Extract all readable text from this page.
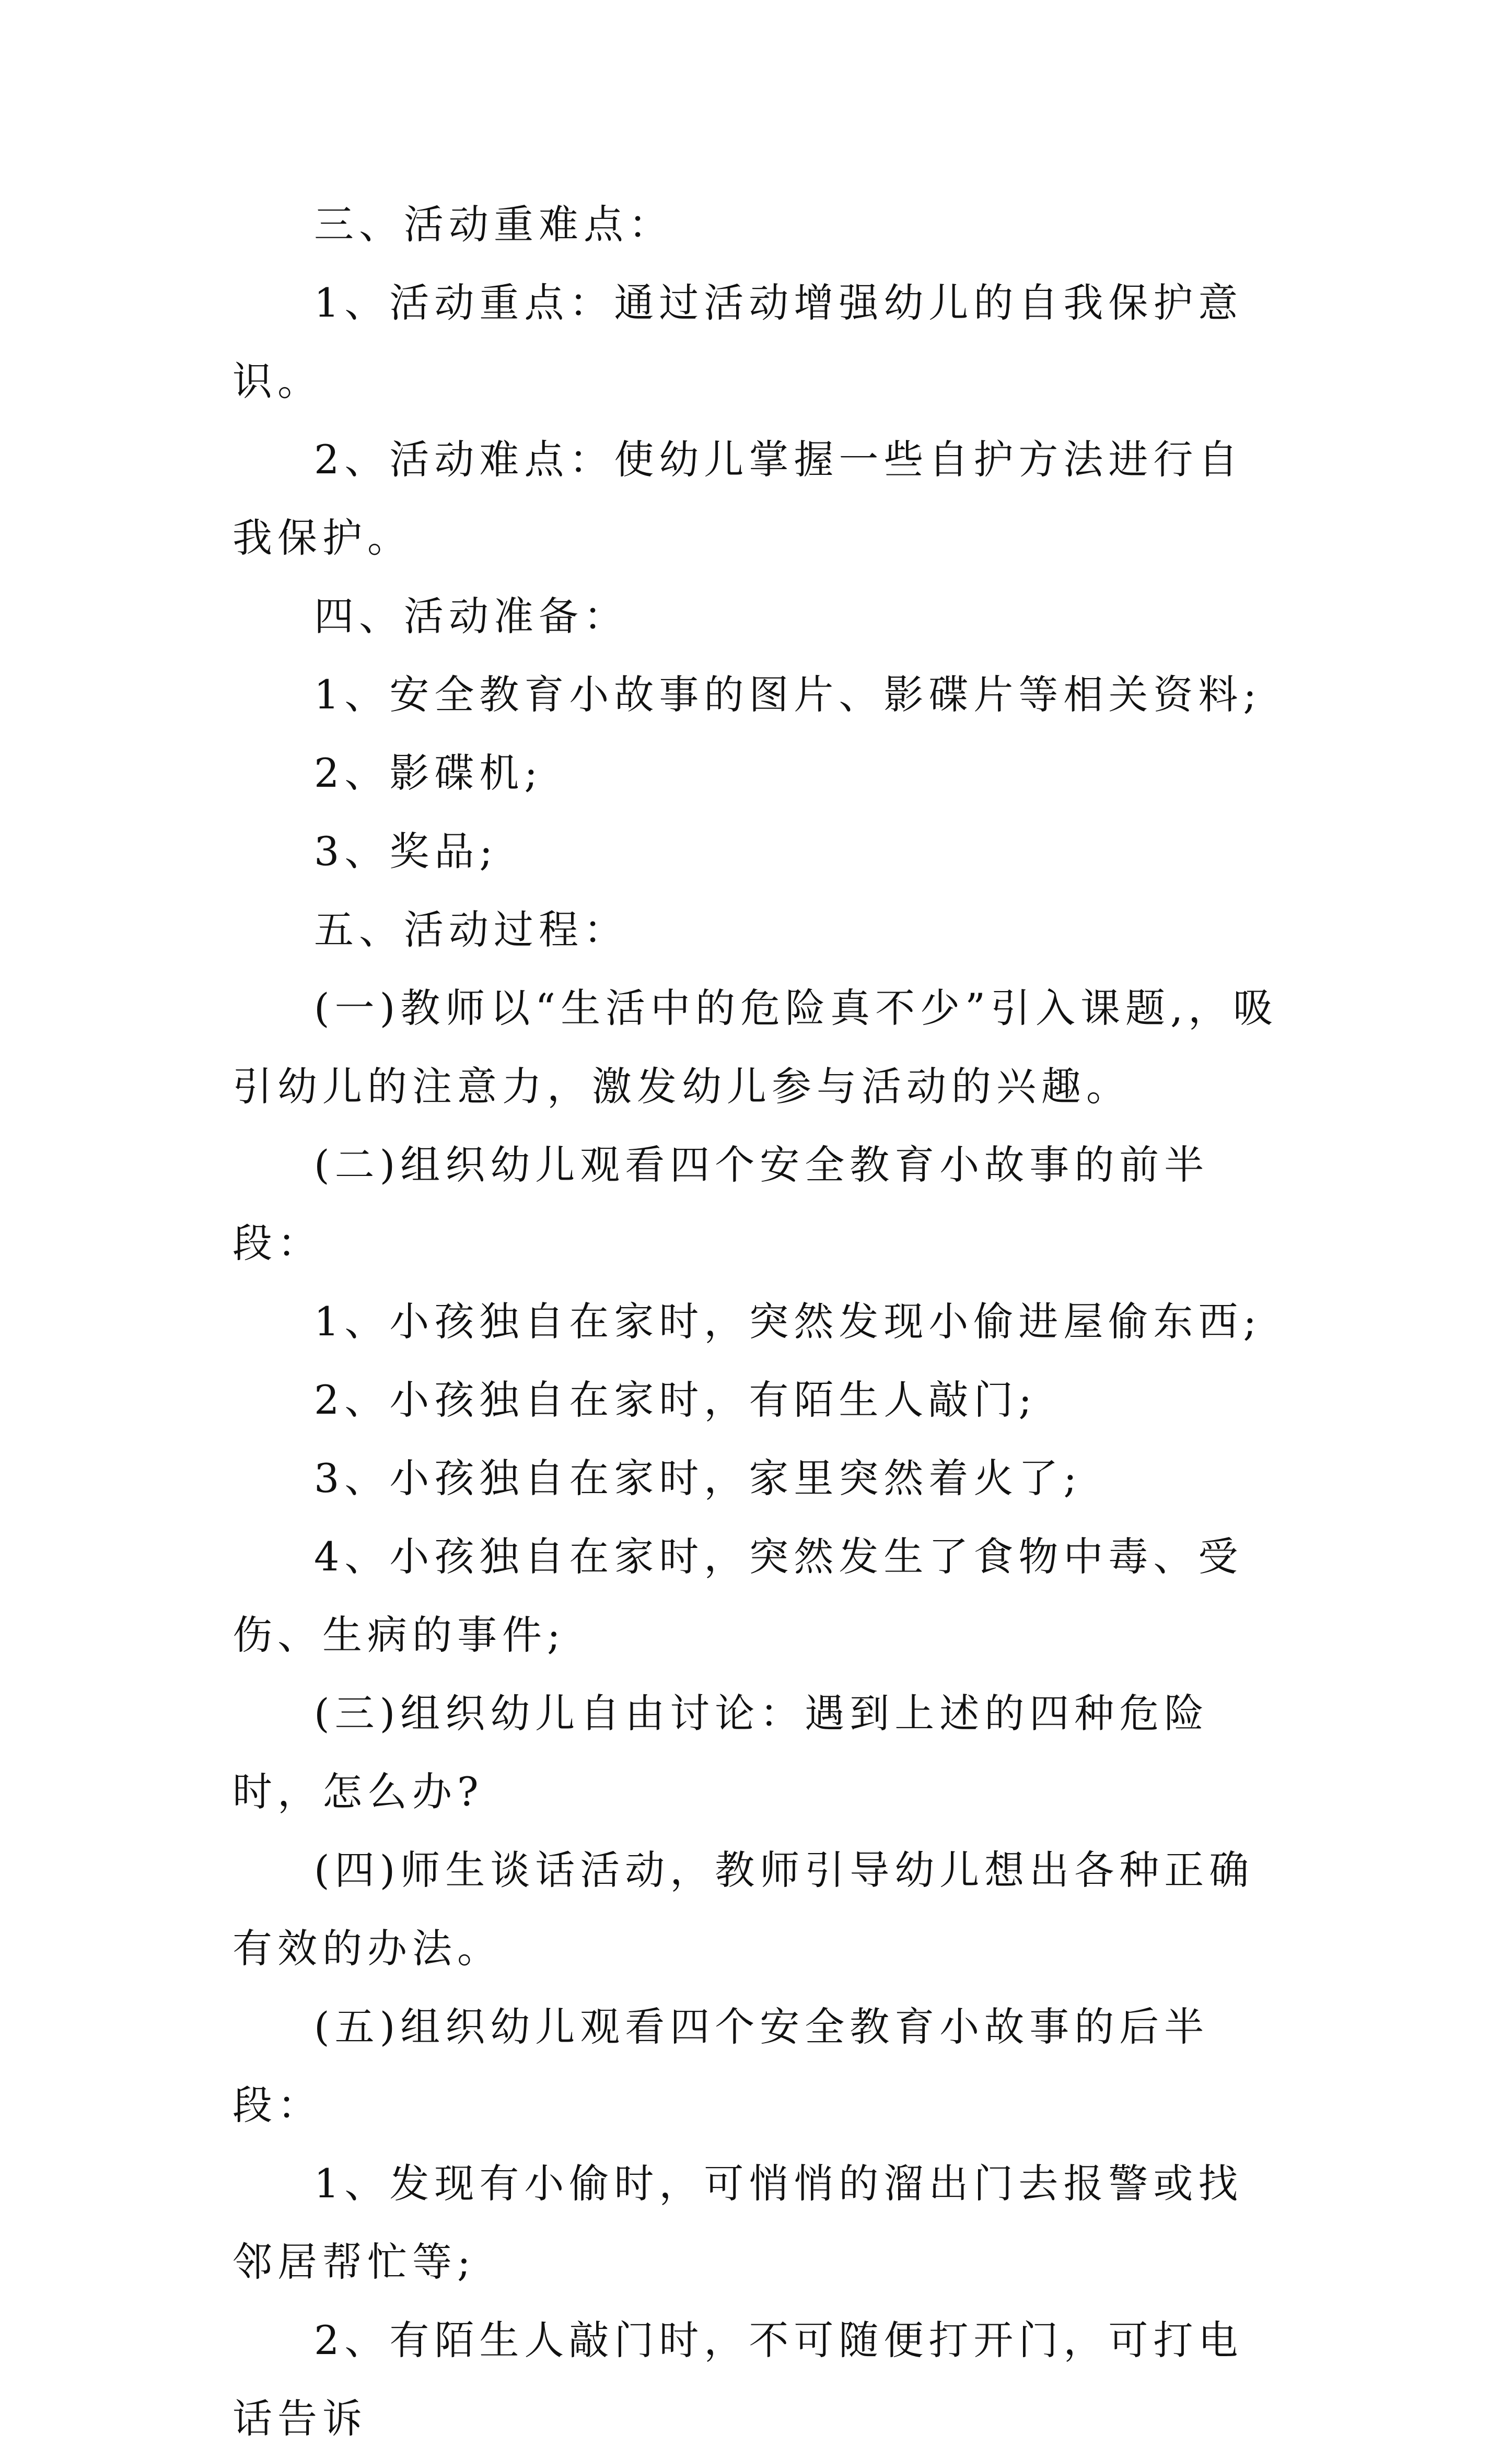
三、活动重难点：

1、活动重点：通过活动增强幼儿的自我保护意识。

2、活动难点：使幼儿掌握一些自护方法进行自我保护。

四、活动准备：

1、安全教育小故事的图片、影碟片等相关资料;

2、影碟机;

3、奖品;

五、活动过程：

(一)教师以“生活中的危险真不少”引入课题,，吸引幼儿的注意力，激发幼儿参与活动的兴趣。

(二)组织幼儿观看四个安全教育小故事的前半段：

1、小孩独自在家时，突然发现小偷进屋偷东西;

2、小孩独自在家时，有陌生人敲门;

3、小孩独自在家时，家里突然着火了;

4、小孩独自在家时，突然发生了食物中毒、受伤、生病的事件;

(三)组织幼儿自由讨论：遇到上述的四种危险时，怎么办?

(四)师生谈话活动，教师引导幼儿想出各种正确有效的办法。

(五)组织幼儿观看四个安全教育小故事的后半段：

1、发现有小偷时，可悄悄的溜出门去报警或找邻居帮忙等;

2、有陌生人敲门时，不可随便打开门，可打电话告诉
